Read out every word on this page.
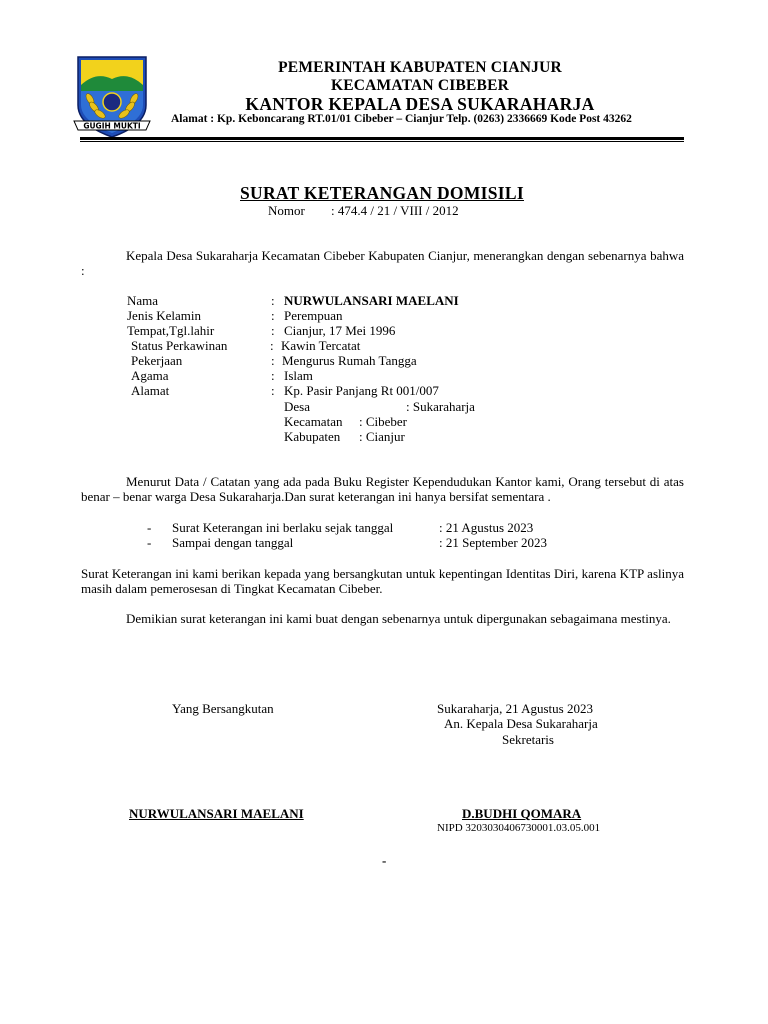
GUGIH MUKTI
PEMERINTAH KABUPATEN CIANJUR
KECAMATAN CIBEBER
KANTOR KEPALA DESA SUKARAHARJA
Alamat : Kp. Keboncarang RT.01/01 Cibeber – Cianjur Telp. (0263) 2336669 Kode Post 43262
SURAT KETERANGAN DOMISILI
Nomor : 474.4 / 21 / VIII / 2012
Kepala Desa Sukaraharja Kecamatan Cibeber Kabupaten Cianjur, menerangkan dengan sebenarnya bahwa :
Nama	: NURWULANSARI MAELANI
Jenis Kelamin	: Perempuan
Tempat,Tgl.lahir	: Cianjur, 17 Mei 1996
Status Perkawinan	: Kawin Tercatat
Pekerjaan	: Mengurus Rumah Tangga
Agama	: Islam
Alamat	: Kp. Pasir Panjang Rt 001/007
Desa	: Sukaraharja
Kecamatan : Cibeber
Kabupaten : Cianjur
Menurut Data / Catatan yang ada pada Buku Register Kependudukan Kantor kami, Orang tersebut di atas benar – benar warga Desa Sukaraharja.Dan surat keterangan ini hanya bersifat sementara .
- Surat Keterangan ini berlaku sejak tanggal	: 21 Agustus 2023
- Sampai dengan tanggal	: 21 September 2023
Surat Keterangan ini kami berikan kepada yang bersangkutan untuk kepentingan Identitas Diri, karena KTP aslinya masih dalam pemerosesan di Tingkat Kecamatan Cibeber.
Demikian surat keterangan ini kami buat dengan sebenarnya untuk dipergunakan sebagaimana mestinya.
Yang Bersangkutan	Sukaraharja, 21 Agustus 2023
An. Kepala Desa Sukaraharja
Sekretaris
NURWULANSARI MAELANI	D.BUDHI QOMARA
NIPD 3203030406730001.03.05.001
-
